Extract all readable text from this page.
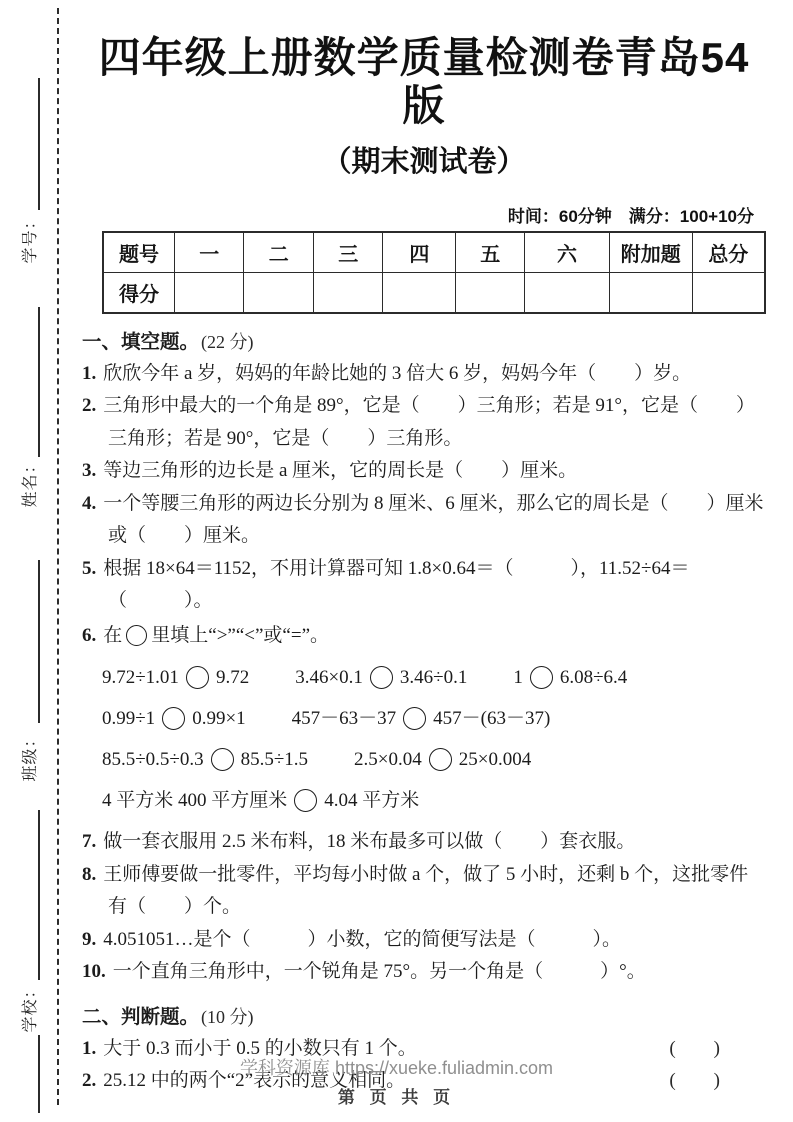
学号：
姓名：
班级：
学校：
四年级上册数学质量检测卷青岛54版
（期末测试卷）
时间：60分钟　满分：100+10分
题号	一	二	三	四	五	六	附加题	总分
得分								
一、填空题。 (22 分)
1. 欣欣今年 a 岁，妈妈的年龄比她的 3 倍大 6 岁，妈妈今年（　　）岁。
2. 三角形中最大的一个角是 89°，它是（　　）三角形；若是 91°，它是（　　）三角形；若是 90°，它是（　　）三角形。
3. 等边三角形的边长是 a 厘米，它的周长是（　　）厘米。
4. 一个等腰三角形的两边长分别为 8 厘米、6 厘米，那么它的周长是（　　）厘米或（　　）厘米。
5. 根据 18×64＝1152，不用计算器可知 1.8×0.64＝（　　　），11.52÷64＝（　　　）。
6. 在 里填上“>”“<”或“=”。
9.72÷1.01 9.72 3.46×0.1 3.46÷0.1 1 6.08÷6.4
0.99÷1 0.99×1 457－63－37 457－(63－37)
85.5÷0.5÷0.3 85.5÷1.5 2.5×0.04 25×0.004
4 平方米 400 平方厘米 4.04 平方米
7. 做一套衣服用 2.5 米布料，18 米布最多可以做（　　）套衣服。
8. 王师傅要做一批零件，平均每小时做 a 个，做了 5 小时，还剩 b 个，这批零件有（　　）个。
9. 4.051051…是个（　　　）小数，它的简便写法是（　　　）。
10. 一个直角三角形中，一个锐角是 75°。另一个角是（　　　）°。
二、判断题。 (10 分)
1. 大于 0.3 而小于 0.5 的小数只有 1 个。	(　　)
2. 25.12 中的两个“2”表示的意义相同。	(　　)
学科资源库 https://xueke.fuliadmin.com
第 页 共 页
